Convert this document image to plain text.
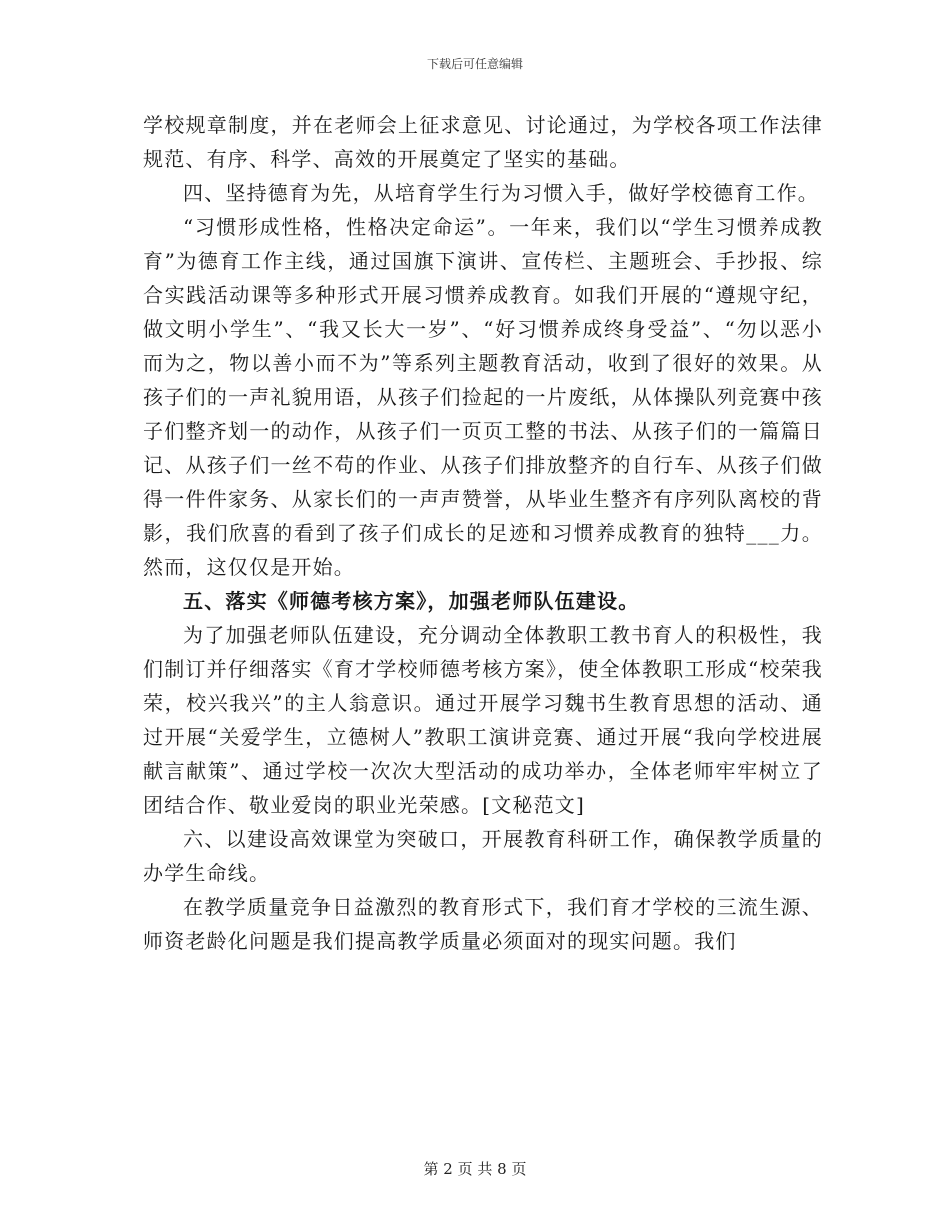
下载后可任意编辑

学校规章制度，并在老师会上征求意见、讨论通过，为学校各项工作法律规范、有序、科学、高效的开展奠定了坚实的基础。

四、坚持德育为先，从培育学生行为习惯入手，做好学校德育工作。

“习惯形成性格，性格决定命运”。一年来，我们以“学生习惯养成教育”为德育工作主线，通过国旗下演讲、宣传栏、主题班会、手抄报、综合实践活动课等多种形式开展习惯养成教育。如我们开展的“遵规守纪，做文明小学生”、“我又长大一岁”、“好习惯养成终身受益”、“勿以恶小而为之，物以善小而不为”等系列主题教育活动，收到了很好的效果。从孩子们的一声礼貌用语，从孩子们捡起的一片废纸，从体操队列竞赛中孩子们整齐划一的动作，从孩子们一页页工整的书法、从孩子们的一篇篇日记、从孩子们一丝不苟的作业、从孩子们排放整齐的自行车、从孩子们做得一件件家务、从家长们的一声声赞誉，从毕业生整齐有序列队离校的背影，我们欣喜的看到了孩子们成长的足迹和习惯养成教育的独特___力。然而，这仅仅是开始。

五、落实《师德考核方案》，加强老师队伍建设。

为了加强老师队伍建设，充分调动全体教职工教书育人的积极性，我们制订并仔细落实《育才学校师德考核方案》，使全体教职工形成“校荣我荣，校兴我兴”的主人翁意识。通过开展学习魏书生教育思想的活动、通过开展“关爱学生，立德树人”教职工演讲竞赛、通过开展“我向学校进展献言献策”、通过学校一次次大型活动的成功举办，全体老师牢牢树立了团结合作、敬业爱岗的职业光荣感。[文秘范文]

六、以建设高效课堂为突破口，开展教育科研工作，确保教学质量的办学生命线。

在教学质量竞争日益激烈的教育形式下，我们育才学校的三流生源、师资老龄化问题是我们提高教学质量必须面对的现实问题。我们

第 2 页 共 8 页
